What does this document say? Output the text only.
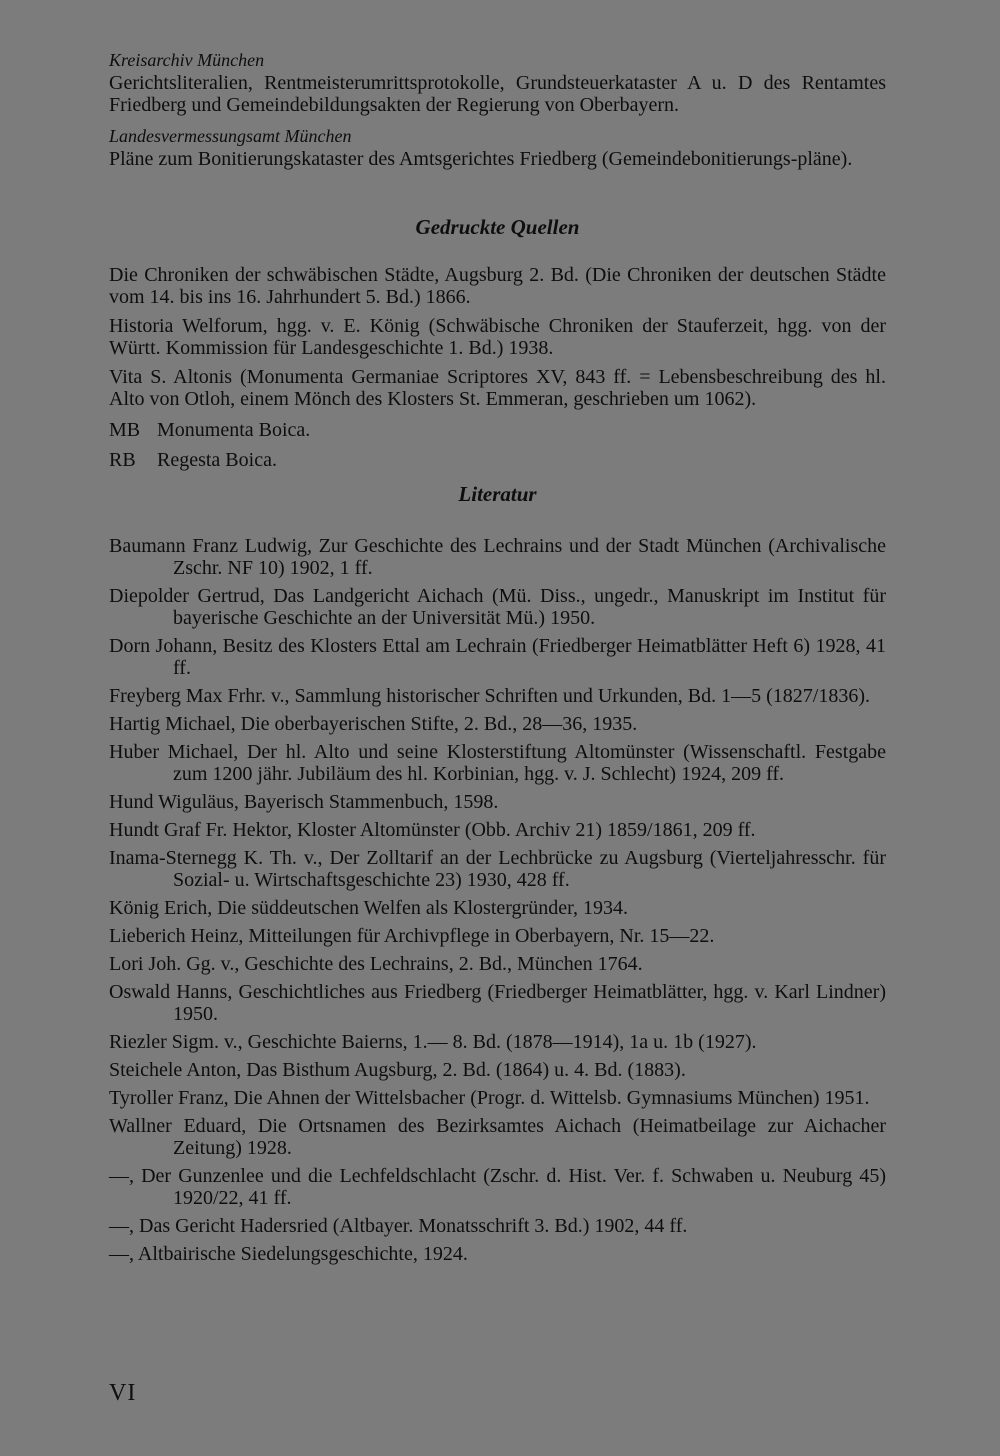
Kreisarchiv München

Gerichtsliteralien, Rentmeisterumrittsprotokolle, Grundsteuerkataster A u. D des Rentamtes Friedberg und Gemeindebildungsakten der Regierung von Oberbayern.

Landesvermessungsamt München

Pläne zum Bonitierungskataster des Amtsgerichtes Friedberg (Gemeindebonitierungs-pläne).

Gedruckte Quellen

Die Chroniken der schwäbischen Städte, Augsburg 2. Bd. (Die Chroniken der deutschen Städte vom 14. bis ins 16. Jahrhundert 5. Bd.) 1866.

Historia Welforum, hgg. v. E. König (Schwäbische Chroniken der Stauferzeit, hgg. von der Württ. Kommission für Landesgeschichte 1. Bd.) 1938.

Vita S. Altonis (Monumenta Germaniae Scriptores XV, 843 ff. = Lebensbeschreibung des hl. Alto von Otloh, einem Mönch des Klosters St. Emmeran, geschrieben um 1062).

MB Monumenta Boica.
RB	Regesta Boica.
Literatur

Baumann Franz Ludwig, Zur Geschichte des Lechrains und der Stadt München (Archivalische Zschr. NF 10) 1902, 1 ff.

Diepolder Gertrud, Das Landgericht Aichach (Mü. Diss., ungedr., Manuskript im Institut für bayerische Geschichte an der Universität Mü.) 1950.

Dorn Johann, Besitz des Klosters Ettal am Lechrain (Friedberger Heimatblätter Heft 6) 1928, 41 ff.

Freyberg Max Frhr. v., Sammlung historischer Schriften und Urkunden, Bd. 1—5 (1827/1836).

Hartig Michael, Die oberbayerischen Stifte, 2. Bd., 28—36, 1935.

Huber Michael, Der hl. Alto und seine Klosterstiftung Altomünster (Wissenschaftl. Festgabe zum 1200 jähr. Jubiläum des hl. Korbinian, hgg. v. J. Schlecht) 1924, 209 ff.

Hund Wiguläus, Bayerisch Stammenbuch, 1598.

Hundt Graf Fr. Hektor, Kloster Altomünster (Obb. Archiv 21) 1859/1861, 209 ff.

Inama-Sternegg K. Th. v., Der Zolltarif an der Lechbrücke zu Augsburg (Vierteljahresschr. für Sozial- u. Wirtschaftsgeschichte 23) 1930, 428 ff.

König Erich, Die süddeutschen Welfen als Klostergründer, 1934.

Lieberich Heinz, Mitteilungen für Archivpflege in Oberbayern, Nr. 15—22.

Lori Joh. Gg. v., Geschichte des Lechrains, 2. Bd., München 1764.

Oswald Hanns, Geschichtliches aus Friedberg (Friedberger Heimatblätter, hgg. v. Karl Lindner) 1950.

Riezler Sigm. v., Geschichte Baierns, 1.— 8. Bd. (1878—1914), 1a u. 1b (1927).

Steichele Anton, Das Bisthum Augsburg, 2. Bd. (1864) u. 4. Bd. (1883).

Tyroller Franz, Die Ahnen der Wittelsbacher (Progr. d. Wittelsb. Gymnasiums München) 1951.

Wallner Eduard, Die Ortsnamen des Bezirksamtes Aichach (Heimatbeilage zur Aichacher Zeitung) 1928.

—, Der Gunzenlee und die Lechfeldschlacht (Zschr. d. Hist. Ver. f. Schwaben u. Neuburg 45) 1920/22, 41 ff.

—, Das Gericht Hadersried (Altbayer. Monatsschrift 3. Bd.) 1902, 44 ff.

—, Altbairische Siedelungsgeschichte, 1924.

VI
